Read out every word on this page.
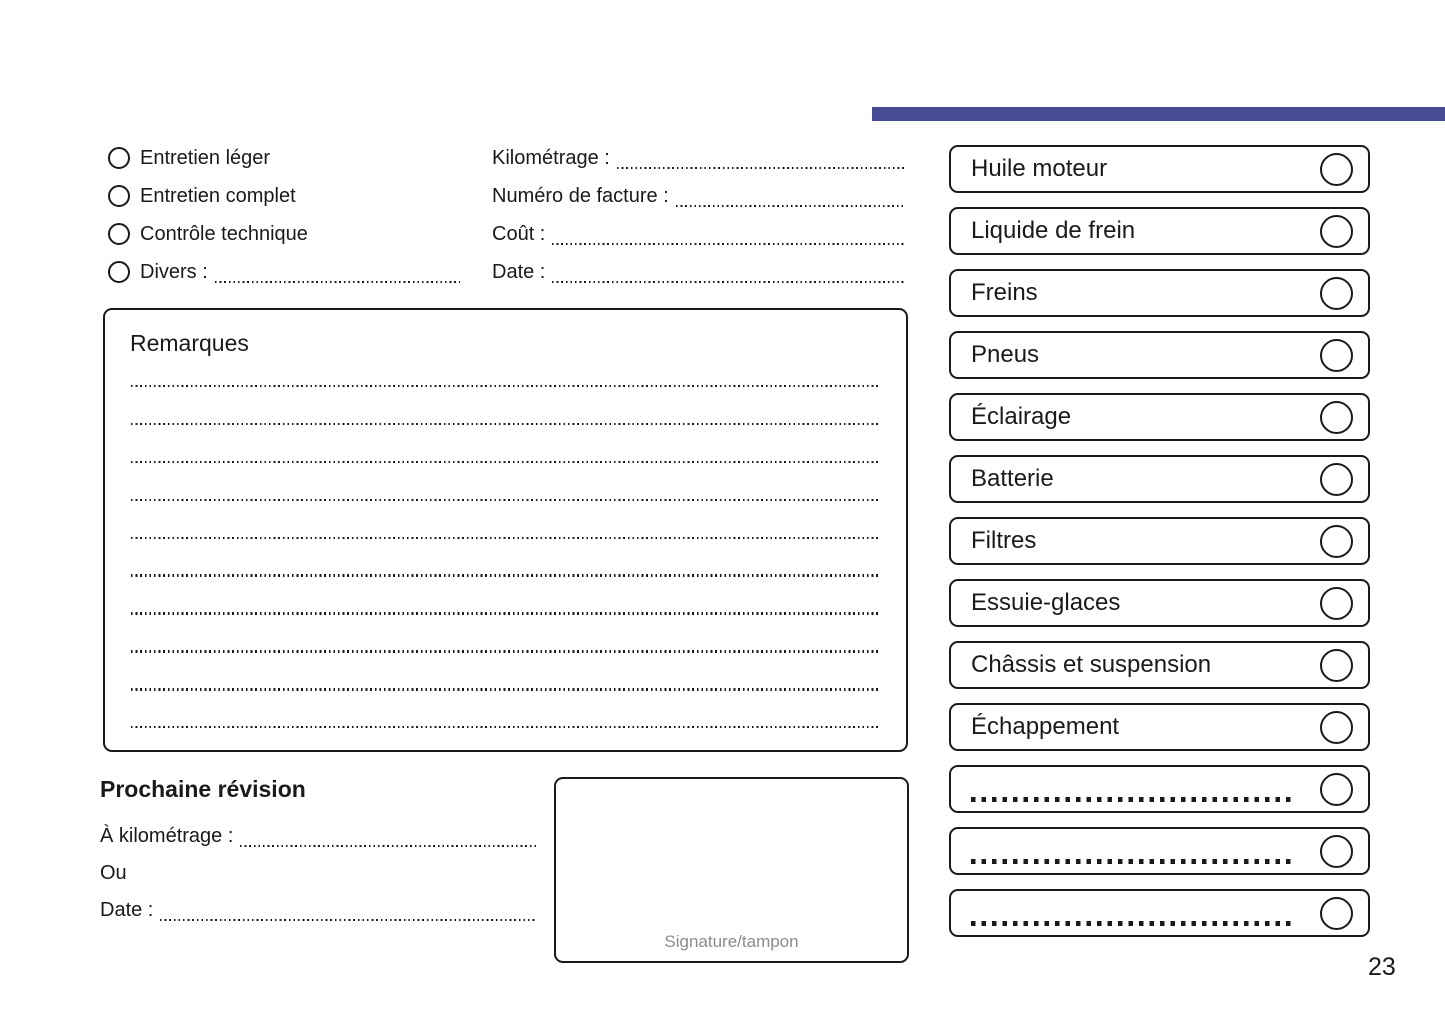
Entretien léger
Entretien complet
Contrôle technique
Divers :
Kilométrage :
Numéro de facture :
Coût :
Date :
Remarques
Prochaine révision
À kilométrage :
Ou
Date :
Signature/tampon
Huile moteur
Liquide de frein
Freins
Pneus
Éclairage
Batterie
Filtres
Essuie-glaces
Châssis et suspension
Échappement
23
